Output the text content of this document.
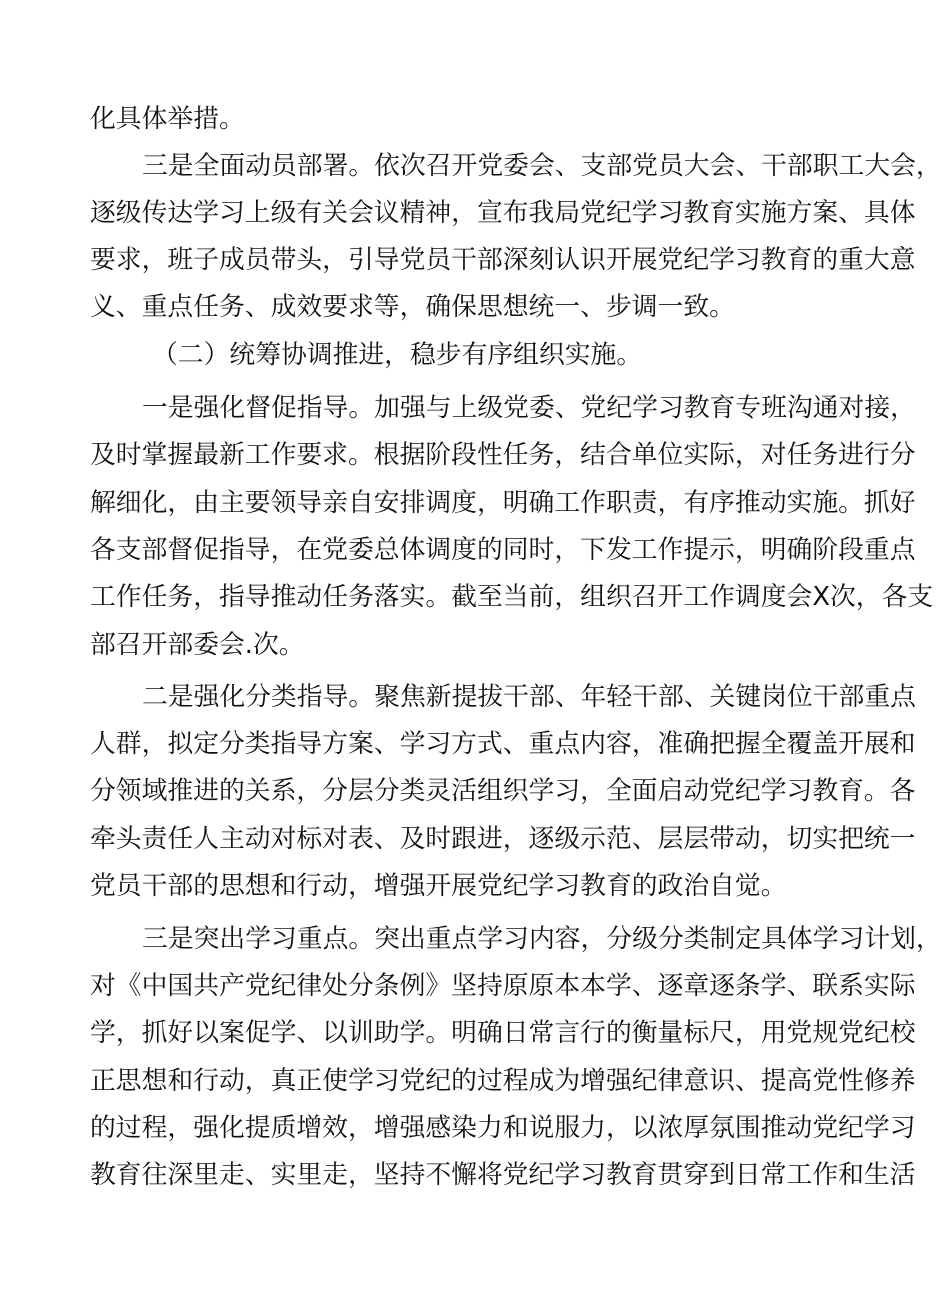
化具体举措。
三是全面动员部署。依次召开党委会、支部党员大会、干部职工大会，
逐级传达学习上级有关会议精神，宣布我局党纪学习教育实施方案、具体
要求，班子成员带头，引导党员干部深刻认识开展党纪学习教育的重大意
义、重点任务、成效要求等，确保思想统一、步调一致。
（二）统筹协调推进，稳步有序组织实施。
一是强化督促指导。加强与上级党委、党纪学习教育专班沟通对接，
及时掌握最新工作要求。根据阶段性任务，结合单位实际，对任务进行分
解细化，由主要领导亲自安排调度，明确工作职责，有序推动实施。抓好
各支部督促指导，在党委总体调度的同时，下发工作提示，明确阶段重点
工作任务，指导推动任务落实。截至当前，组织召开工作调度会X次，各支
部召开部委会.次。
二是强化分类指导。聚焦新提拔干部、年轻干部、关键岗位干部重点
人群，拟定分类指导方案、学习方式、重点内容，准确把握全覆盖开展和
分领域推进的关系，分层分类灵活组织学习，全面启动党纪学习教育。各
牵头责任人主动对标对表、及时跟进，逐级示范、层层带动，切实把统一
党员干部的思想和行动，增强开展党纪学习教育的政治自觉。
三是突出学习重点。突出重点学习内容，分级分类制定具体学习计划，
对《中国共产党纪律处分条例》坚持原原本本学、逐章逐条学、联系实际
学，抓好以案促学、以训助学。明确日常言行的衡量标尺，用党规党纪校
正思想和行动，真正使学习党纪的过程成为增强纪律意识、提高党性修养
的过程，强化提质增效，增强感染力和说服力，以浓厚氛围推动党纪学习
教育往深里走、实里走，坚持不懈将党纪学习教育贯穿到日常工作和生活
